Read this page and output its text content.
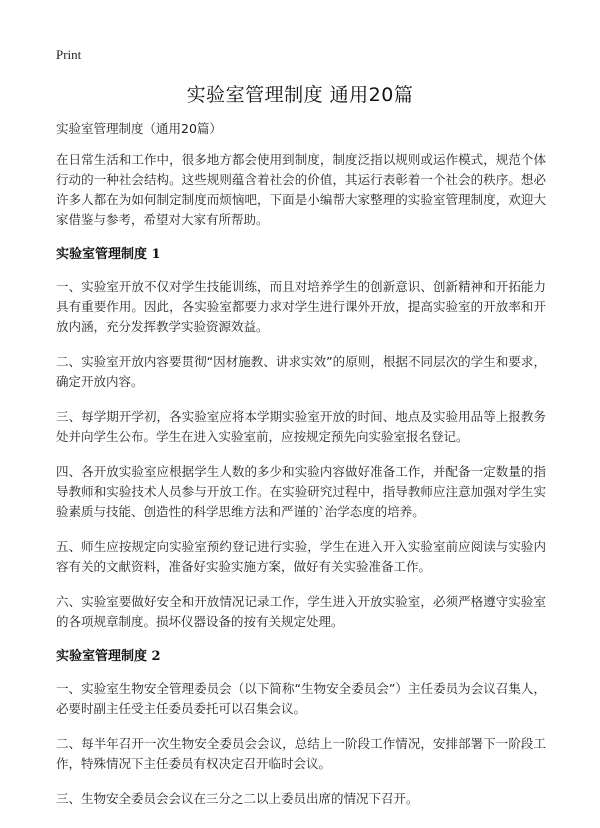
Print
实验室管理制度 通用20篇

实验室管理制度（通用20篇）

在日常生活和工作中，很多地方都会使用到制度，制度泛指以规则或运作模式，规范个体行动的一种社会结构。这些规则蕴含着社会的价值，其运行表彰着一个社会的秩序。想必许多人都在为如何制定制度而烦恼吧，下面是小编帮大家整理的实验室管理制度，欢迎大家借鉴与参考，希望对大家有所帮助。

实验室管理制度 1

一、实验室开放不仅对学生技能训练，而且对培养学生的创新意识、创新精神和开拓能力具有重要作用。因此，各实验室都要力求对学生进行课外开放，提高实验室的开放率和开放内涵，充分发挥教学实验资源效益。

二、实验室开放内容要贯彻“因材施教、讲求实效”的原则，根据不同层次的学生和要求，确定开放内容。

三、每学期开学初，各实验室应将本学期实验室开放的时间、地点及实验用品等上报教务处并向学生公布。学生在进入实验室前，应按规定预先向实验室报名登记。

四、各开放实验室应根据学生人数的多少和实验内容做好准备工作，并配备一定数量的指导教师和实验技术人员参与开放工作。在实验研究过程中，指导教师应注意加强对学生实验素质与技能、创造性的科学思维方法和严谨的`治学态度的培养。

五、师生应按规定向实验室预约登记进行实验，学生在进入开入实验室前应阅读与实验内容有关的文献资料，准备好实验实施方案，做好有关实验准备工作。

六、实验室要做好安全和开放情况记录工作，学生进入开放实验室，必须严格遵守实验室的各项规章制度。损坏仪器设备的按有关规定处理。

实验室管理制度 2

一、实验室生物安全管理委员会（以下简称“生物安全委员会”）主任委员为会议召集人，必要时副主任受主任委员委托可以召集会议。

二、每半年召开一次生物安全委员会会议，总结上一阶段工作情况，安排部署下一阶段工作，特殊情况下主任委员有权决定召开临时会议。

三、生物安全委员会会议在三分之二以上委员出席的情况下召开。
